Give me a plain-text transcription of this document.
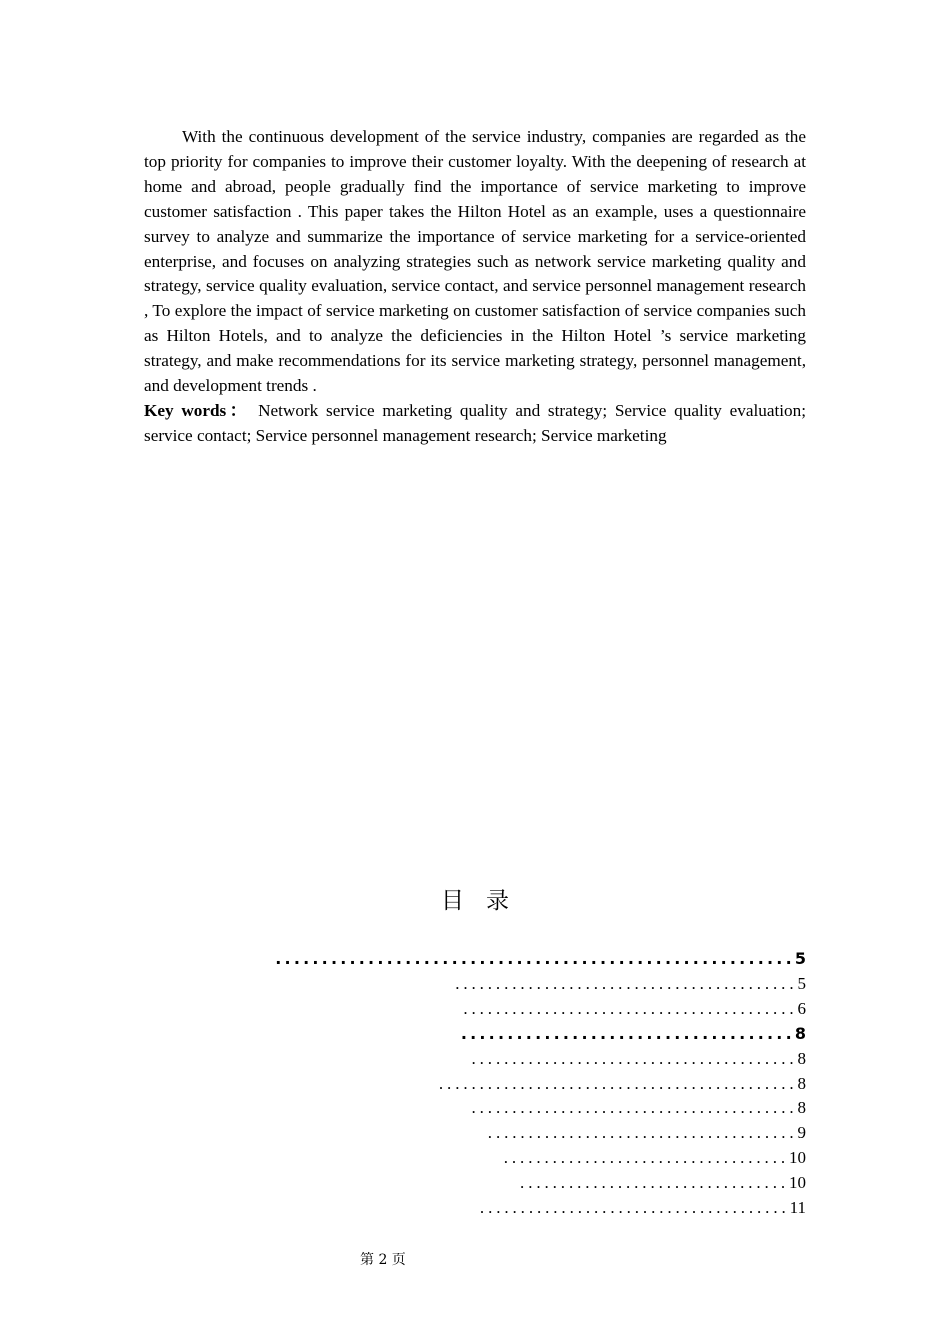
With the continuous development of the service industry, companies are regarded as the top priority for companies to improve their customer loyalty. With the deepening of research at home and abroad, people gradually find the importance of service marketing to improve customer satisfaction . This paper takes the Hilton Hotel as an example, uses a questionnaire survey to analyze and summarize the importance of service marketing for a service-oriented enterprise, and focuses on analyzing strategies such as network service marketing quality and strategy, service quality evaluation, service contact, and service personnel management research , To explore the impact of service marketing on customer satisfaction of service companies such as Hilton Hotels, and to analyze the deficiencies in the Hilton Hotel ’s service marketing strategy, and make recommendations for its service marketing strategy, personnel management, and development trends .

Key words： Network service marketing quality and strategy; Service quality evaluation; service contact; Service personnel management research; Service marketing
目录
........................................................ 5
.......................................... 5
......................................... 6
.................................... 8
........................................ 8
............................................ 8
........................................ 8
...................................... 9
................................... 10
................................. 10
...................................... 11
第 2 页
